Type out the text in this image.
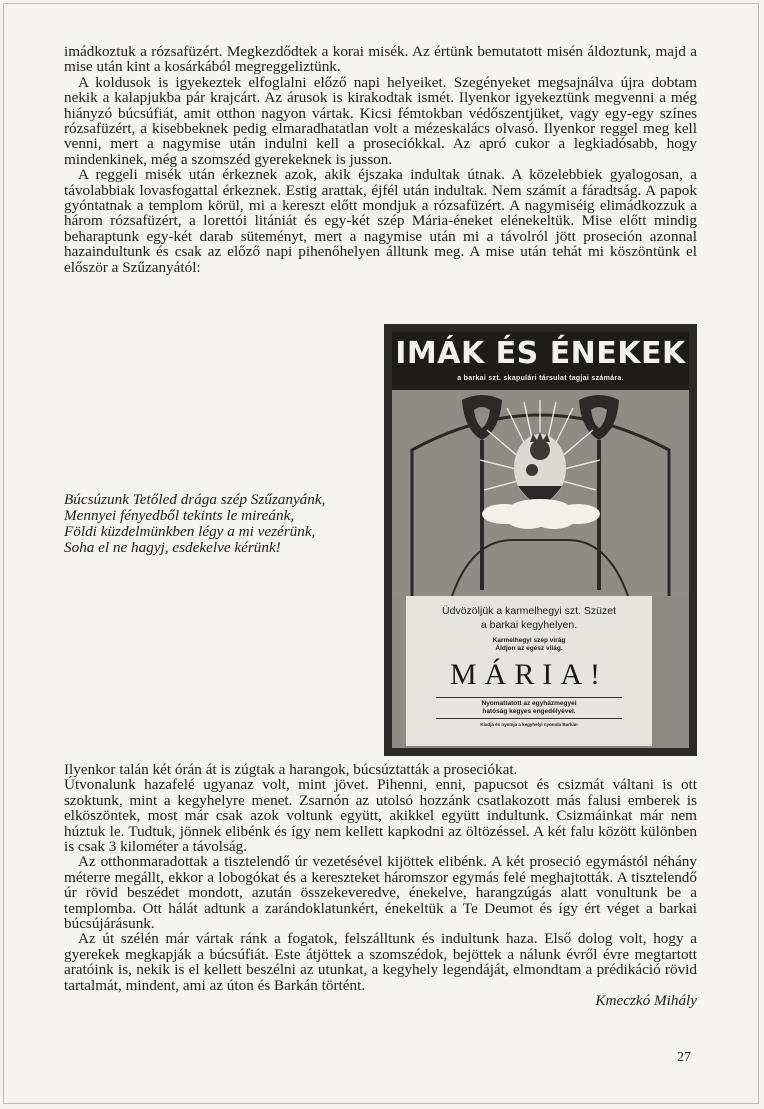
imádkoztuk a rózsafüzért. Megkezdődtek a korai misék. Az értünk bemutatott misén áldoztunk, majd a mise után kint a kosárkából megreggeliztünk.

A koldusok is igyekeztek elfoglalni előző napi helyeiket. Szegényeket megsajnálva újra dobtam nekik a kalapjukba pár krajcárt. Az árusok is kirakodtak ismét. Ilyenkor igyekeztünk megvenni a még hiányzó búcsúfiát, amit otthon nagyon vártak. Kicsi fémtokban védőszentjüket, vagy egy-egy színes rózsafüzért, a kisebbeknek pedig elmaradhatatlan volt a mézeskalács olvasó. Ilyenkor reggel meg kell venni, mert a nagymise után indulni kell a proseciókkal. Az apró cukor a legkiadósabb, hogy mindenkinek, még a szomszéd gyerekeknek is jusson.

A reggeli misék után érkeznek azok, akik éjszaka indultak útnak. A közelebbiek gyalogosan, a távolabbiak lovasfogattal érkeznek. Estig arattak, éjfél után indultak. Nem számít a fáradtság. A papok gyóntatnak a templom körül, mi a kereszt előtt mondjuk a rózsafüzért. A nagymiséig elimádkozzuk a három rózsafüzért, a lorettói litániát és egy-két szép Mária-éneket elénekeltük. Mise előtt mindig beharaptunk egy-két darab süteményt, mert a nagymise után mi a távolról jött proseción azonnal hazaindultunk és csak az előző napi pihenőhelyen álltunk meg. A mise után tehát mi köszöntünk el először a Szűzanyától:

Búcsúzunk Tetőled drága szép Szűzanyánk,
Mennyei fényedből tekints le mireánk,
Földi küzdelmünkben légy a mi vezérünk,
Soha el ne hagyj, esdekelve kérünk!
IMÁK ÉS ÉNEKEK
a barkai szt. skapulári társulat tagjai számára.
Üdvözöljük a karmelhegyi szt. Szüzet
a barkai kegyhelyen.
Karmelhegyi szép virág
Áldjon az egész világ.
MÁRIA!
Nyomattatott az egyházmegyei
hatóság kegyes engedélyével.
Kiadja és nyomja a kegyhelyi nyomda Barkán

Ilyenkor talán két órán át is zúgtak a harangok, búcsúztatták a proseciókat.

Útvonalunk hazafelé ugyanaz volt, mint jövet. Pihenni, enni, papucsot és csizmát váltani is ott szoktunk, mint a kegyhelyre menet. Zsarnón az utolsó hozzánk csatlakozott más falusi emberek is elköszöntek, most már csak azok voltunk együtt, akikkel együtt indultunk. Csizmáinkat már nem húztuk le. Tudtuk, jönnek elibénk és így nem kellett kapkodni az öltözéssel. A két falu között különben is csak 3 kilométer a távolság.

Az otthonmaradottak a tisztelendő úr vezetésével kijöttek elibénk. A két proseció egymástól néhány méterre megállt, ekkor a lobogókat és a kereszteket háromszor egymás felé meghajtották. A tisztelendő úr rövid beszédet mondott, azután összekeveredve, énekelve, harangzúgás alatt vonultunk be a templomba. Ott hálát adtunk a zarándoklatunkért, énekeltük a Te Deumot és így ért véget a barkai búcsújárásunk.

Az út szélén már vártak ránk a fogatok, felszálltunk és indultunk haza. Első dolog volt, hogy a gyerekek megkapják a búcsúfiát. Este átjöttek a szomszédok, bejöttek a nálunk évről évre megtartott aratóink is, nekik is el kellett beszélni az utunkat, a kegyhely legendáját, elmondtam a prédikáció rövid tartalmát, mindent, ami az úton és Barkán történt.

Kmeczkó Mihály

27
